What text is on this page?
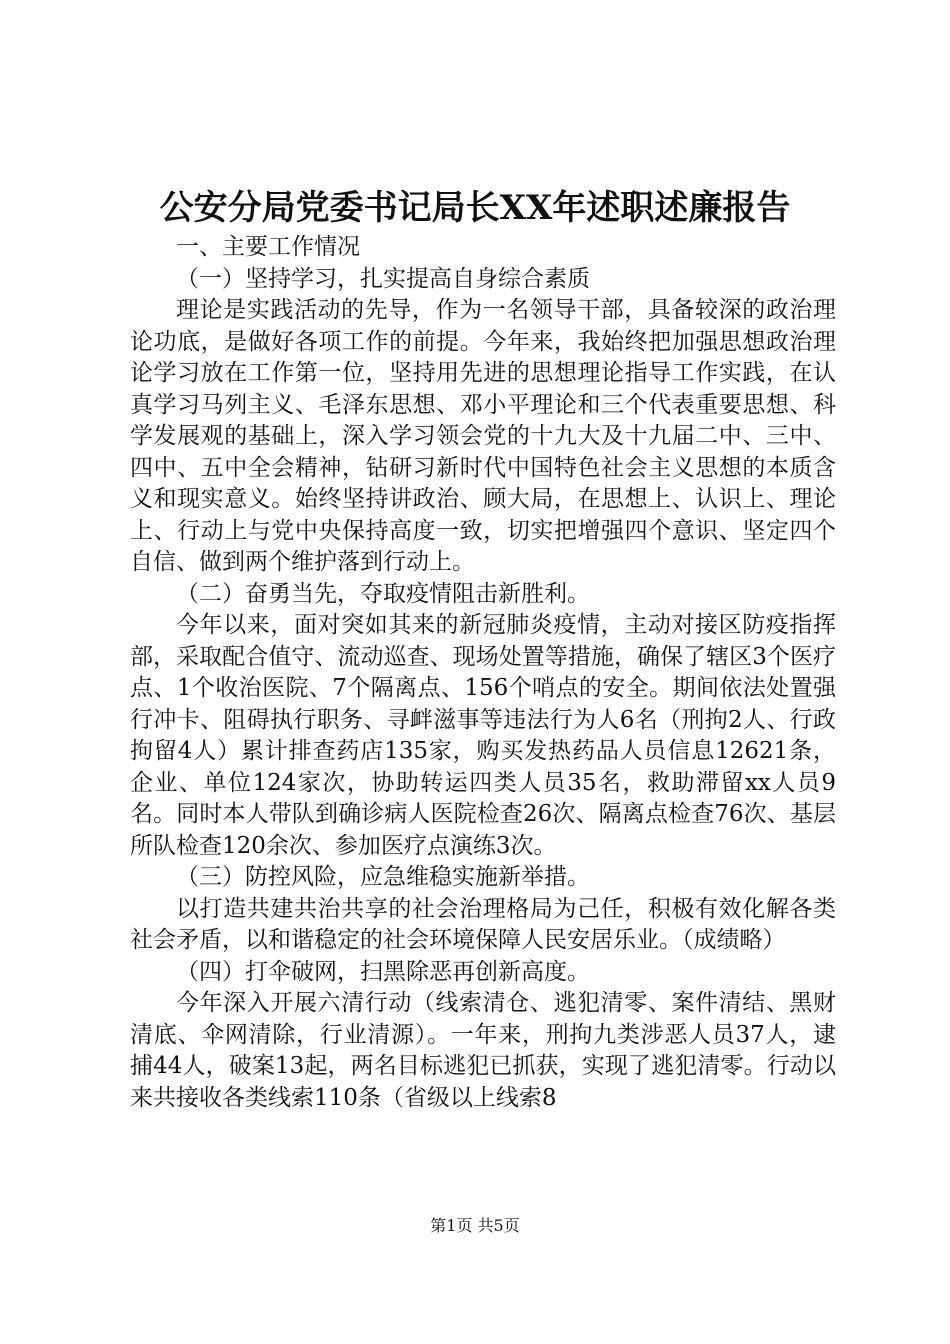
公安分局党委书记局长XX年述职述廉报告

一、主要工作情况

（一）坚持学习，扎实提高自身综合素质

理论是实践活动的先导，作为一名领导干部，具备较深的政治理论功底，是做好各项工作的前提。今年来，我始终把加强思想政治理论学习放在工作第一位，坚持用先进的思想理论指导工作实践，在认真学习马列主义、毛泽东思想、邓小平理论和三个代表重要思想、科学发展观的基础上，深入学习领会党的十九大及十九届二中、三中、四中、五中全会精神，钻研习新时代中国特色社会主义思想的本质含义和现实意义。始终坚持讲政治、顾大局，在思想上、认识上、理论上、行动上与党中央保持高度一致，切实把增强四个意识、坚定四个自信、做到两个维护落到行动上。

（二）奋勇当先，夺取疫情阻击新胜利。

今年以来，面对突如其来的新冠肺炎疫情，主动对接区防疫指挥部，采取配合值守、流动巡查、现场处置等措施，确保了辖区3个医疗点、1个收治医院、7个隔离点、156个哨点的安全。期间依法处置强行冲卡、阻碍执行职务、寻衅滋事等违法行为人6名（刑拘2人、行政拘留4人）累计排查药店135家，购买发热药品人员信息12621条，企业、单位124家次，协助转运四类人员35名，救助滞留xx人员9名。同时本人带队到确诊病人医院检查26次、隔离点检查76次、基层所队检查120余次、参加医疗点演练3次。

（三）防控风险，应急维稳实施新举措。

以打造共建共治共享的社会治理格局为己任，积极有效化解各类社会矛盾，以和谐稳定的社会环境保障人民安居乐业。（成绩略）

（四）打伞破网，扫黑除恶再创新高度。

今年深入开展六清行动（线索清仓、逃犯清零、案件清结、黑财清底、伞网清除，行业清源）。一年来，刑拘九类涉恶人员37人，逮捕44人，破案13起，两名目标逃犯已抓获，实现了逃犯清零。行动以来共接收各类线索110条（省级以上线索8

第1页 共5页
